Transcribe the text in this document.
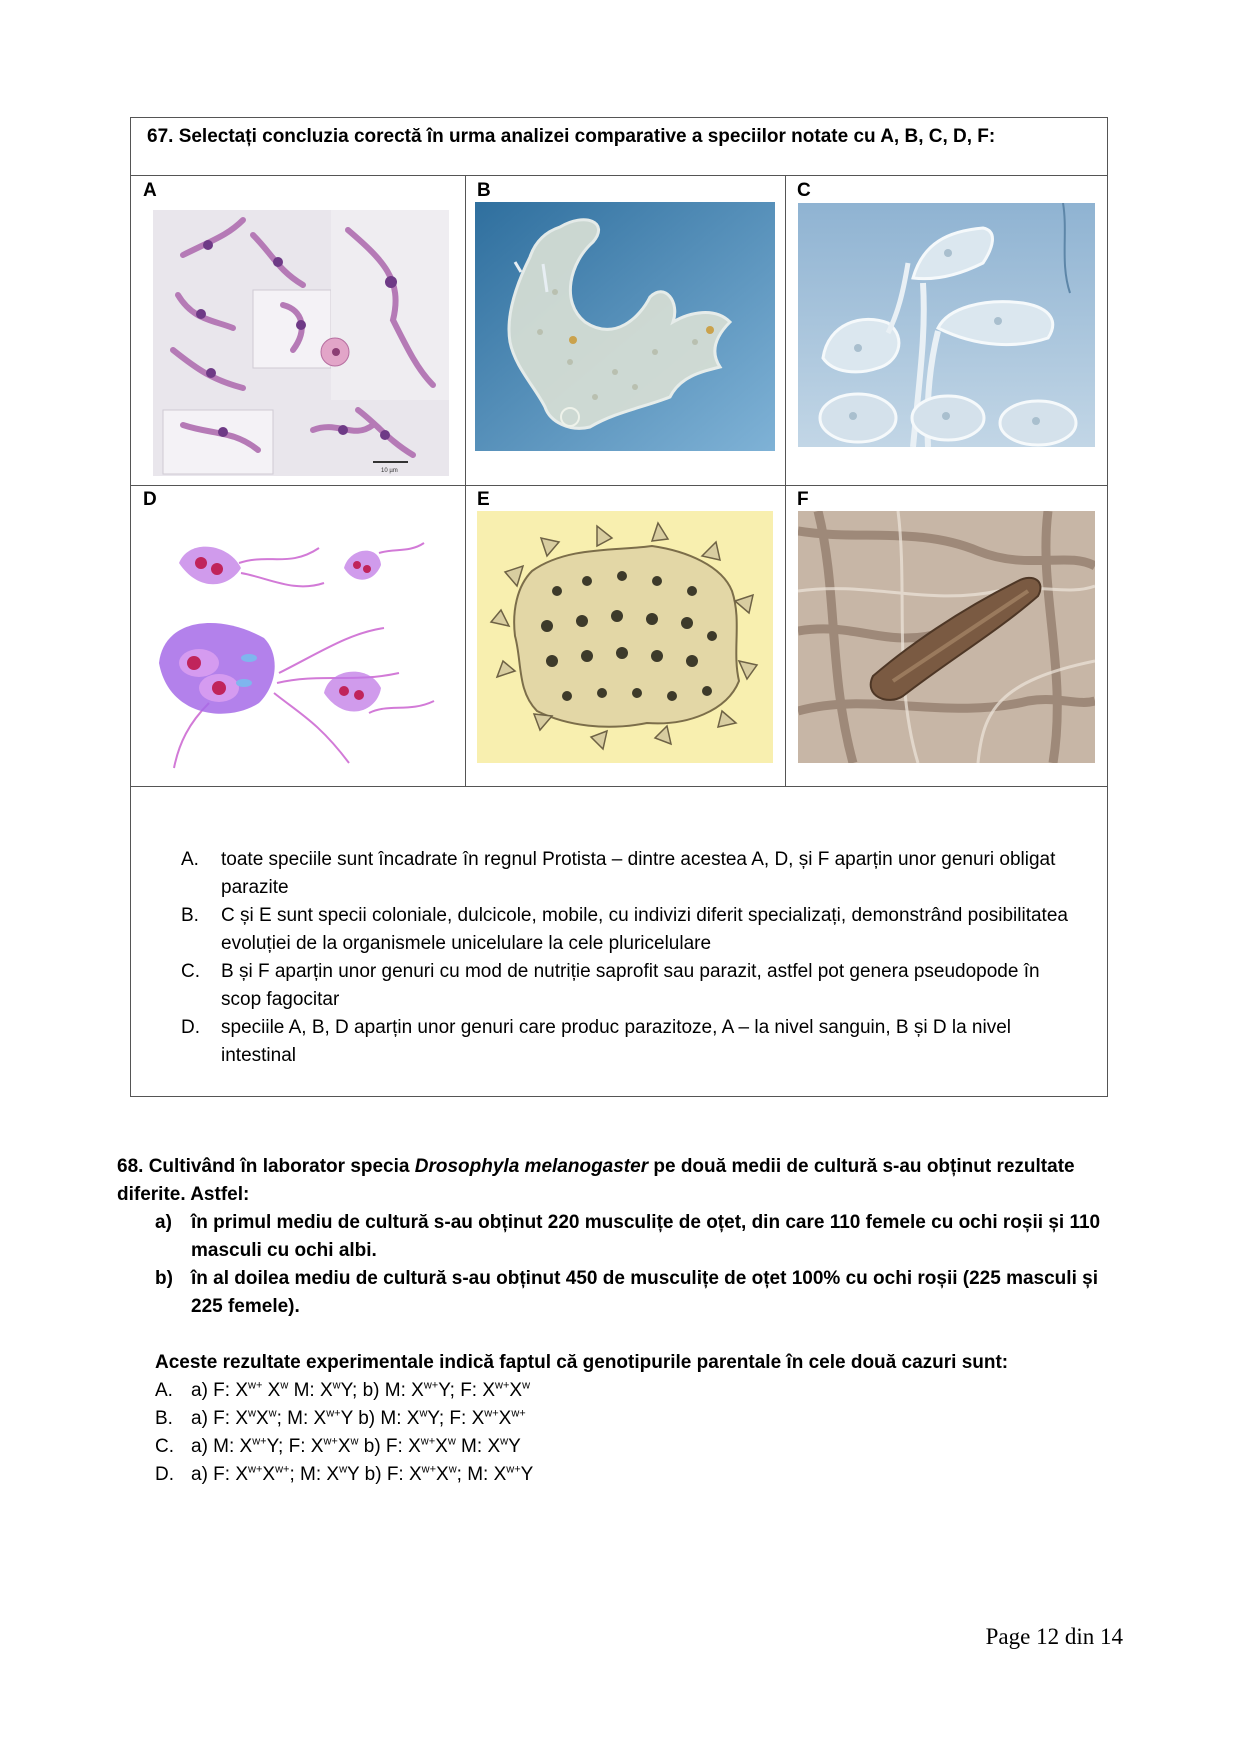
67. Selectați concluzia corectă în urma analizei comparative a speciilor notate cu A, B, C, D, F:
A
10 µm
B	C
D	E	F
A.	toate speciile sunt încadrate în regnul Protista – dintre acestea A, D, și F aparțin unor genuri obligat parazite
B.	C și E sunt specii coloniale, dulcicole, mobile, cu indivizi diferit specializați, demonstrând posibilitatea evoluției de la organismele unicelulare la cele pluricelulare
C.	B și F aparțin unor genuri cu mod de nutriție saprofit sau parazit, astfel pot genera pseudopode în scop fagocitar
D.	speciile A, B, D aparțin unor genuri care produc parazitoze, A – la nivel sanguin, B și D la nivel intestinal
68. Cultivând în laborator specia Drosophyla melanogaster pe două medii de cultură s-au obținut rezultate diferite. Astfel:
a)	în primul mediu de cultură s-au obținut 220 musculițe de oțet, din care 110 femele cu ochi roșii și 110 masculi cu ochi albi.
b) în al doilea mediu de cultură s-au obținut 450 de musculițe de oțet 100% cu ochi roșii (225 masculi și 225 femele).
Aceste rezultate experimentale indică faptul că genotipurile parentale în cele două cazuri sunt:
A. a) F: $X^{w+}$ $X^w$ M: $X^wY$; b) M: $X^{w+}Y$; F: $X^{w+}X^w$
B. a) F: $X^wX^w$; M: $X^{w+}Y$ b) M: $X^wY$; F: $X^{w+}X^{w+}$
C. a) M: $X^{w+}Y$; F: $X^{w+}X^w$ b) F: $X^{w+}X^w$ M: $X^wY$
D. a) F: $X^{w+}X^{w+}$; M: $X^wY$ b) F: $X^{w+}X^w$; M: $X^{w+}Y$
Page 12 din 14
